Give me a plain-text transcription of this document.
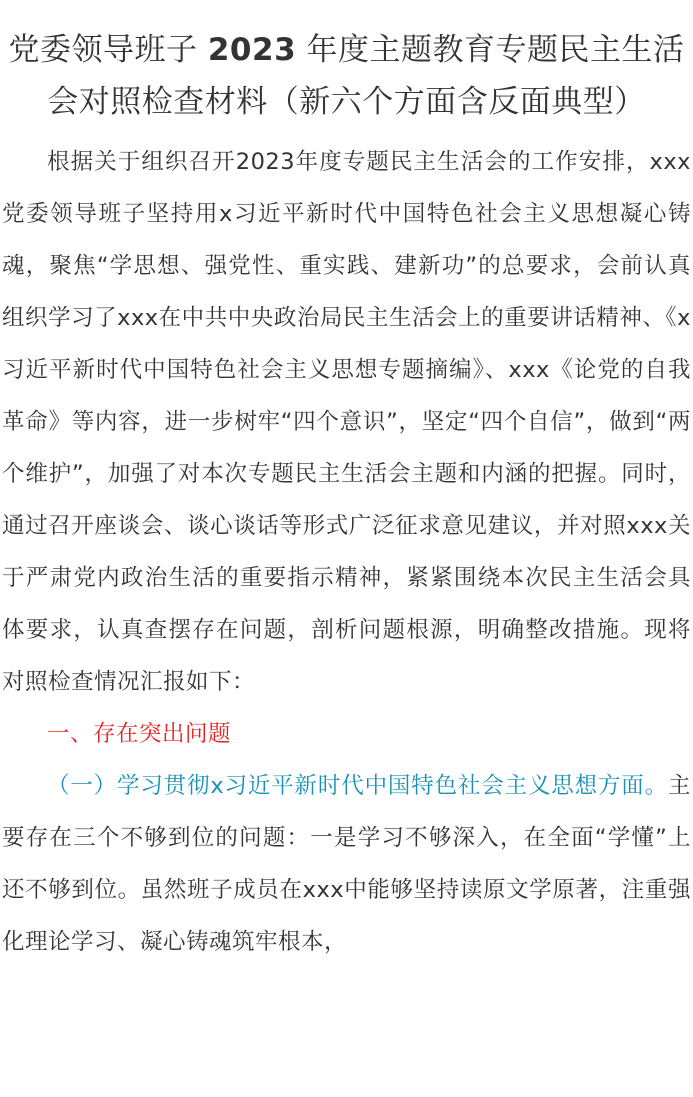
党委领导班子 2023 年度主题教育专题民主生活会对照检查材料（新六个方面含反面典型）

根据关于组织召开2023年度专题民主生活会的工作安排，xxx党委领导班子坚持用x习近平新时代中国特色社会主义思想凝心铸魂，聚焦“学思想、强党性、重实践、建新功”的总要求，会前认真组织学习了xxx在中共中央政治局民主生活会上的重要讲话精神、《x习近平新时代中国特色社会主义思想专题摘编》、xxx《论党的自我革命》等内容，进一步树牢“四个意识”，坚定“四个自信”，做到“两个维护”，加强了对本次专题民主生活会主题和内涵的把握。同时，通过召开座谈会、谈心谈话等形式广泛征求意见建议，并对照xxx关于严肃党内政治生活的重要指示精神，紧紧围绕本次民主生活会具体要求，认真查摆存在问题，剖析问题根源，明确整改措施。现将对照检查情况汇报如下：

一、存在突出问题

（一）学习贯彻x习近平新时代中国特色社会主义思想方面。主要存在三个不够到位的问题：一是学习不够深入，在全面“学懂”上还不够到位。虽然班子成员在xxx中能够坚持读原文学原著，注重强化理论学习、凝心铸魂筑牢根本，
